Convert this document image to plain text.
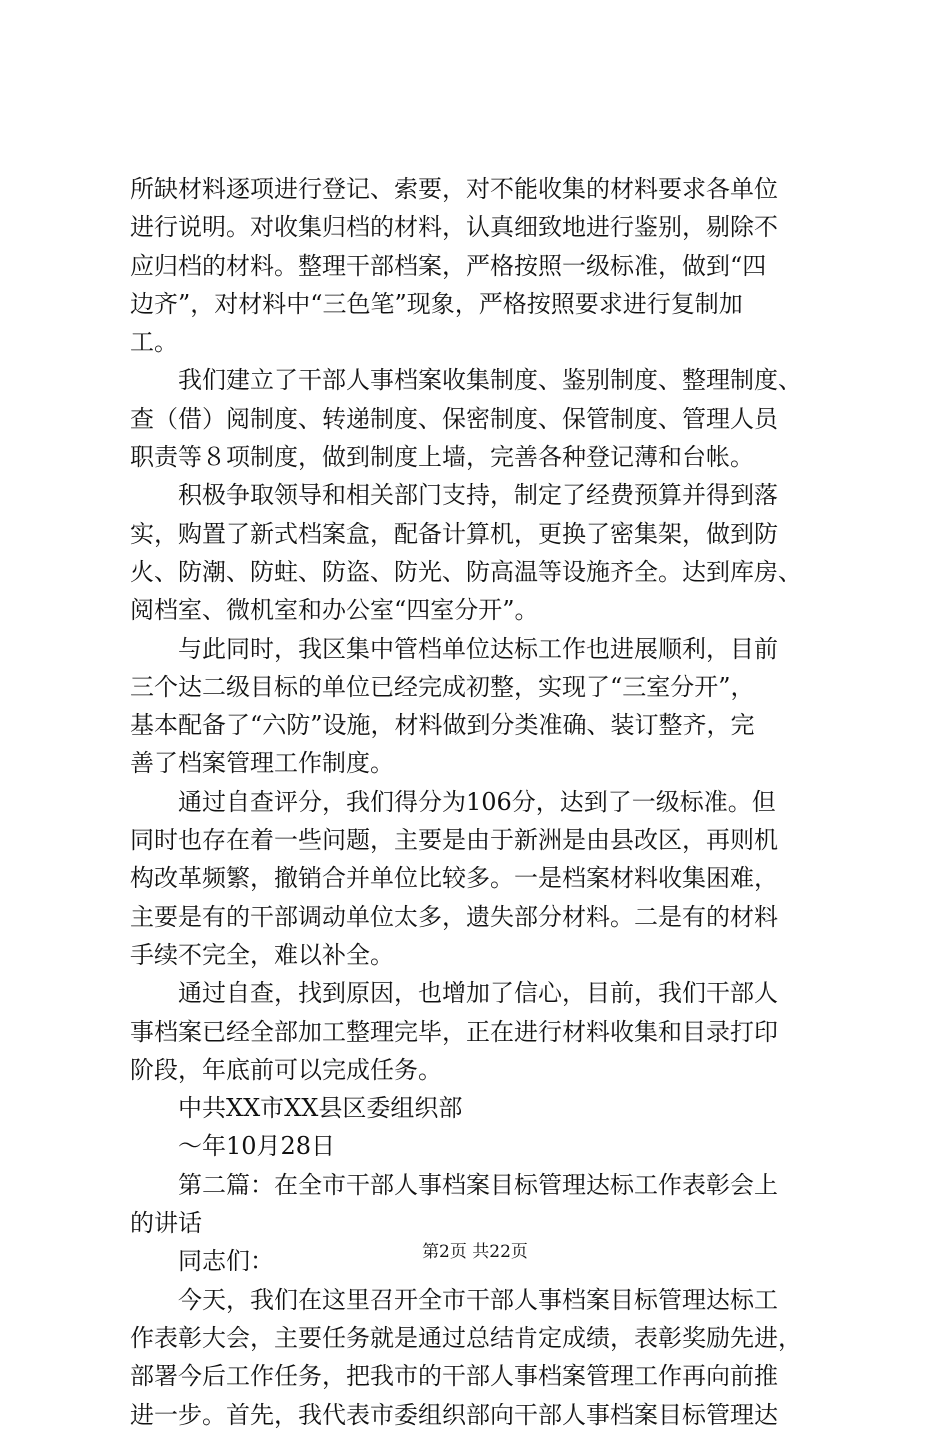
所缺材料逐项进行登记、索要，对不能收集的材料要求各单位
进行说明。对收集归档的材料，认真细致地进行鉴别，剔除不
应归档的材料。整理干部档案，严格按照一级标准，做到“四
边齐”，对材料中“三色笔”现象，严格按照要求进行复制加
工。
我们建立了干部人事档案收集制度、鉴别制度、整理制度、
查（借）阅制度、转递制度、保密制度、保管制度、管理人员
职责等８项制度，做到制度上墙，完善各种登记薄和台帐。
积极争取领导和相关部门支持，制定了经费预算并得到落
实，购置了新式档案盒，配备计算机，更换了密集架，做到防
火、防潮、防蛀、防盗、防光、防高温等设施齐全。达到库房、
阅档室、微机室和办公室“四室分开”。
与此同时，我区集中管档单位达标工作也进展顺利，目前
三个达二级目标的单位已经完成初整，实现了“三室分开”，
基本配备了“六防”设施，材料做到分类准确、装订整齐，完
善了档案管理工作制度。
通过自查评分，我们得分为106分，达到了一级标准。但
同时也存在着一些问题，主要是由于新洲是由县改区，再则机
构改革频繁，撤销合并单位比较多。一是档案材料收集困难，
主要是有的干部调动单位太多，遗失部分材料。二是有的材料
手续不完全，难以补全。
通过自查，找到原因，也增加了信心，目前，我们干部人
事档案已经全部加工整理完毕，正在进行材料收集和目录打印
阶段，年底前可以完成任务。
中共XX市XX县区委组织部
～年10月28日
第二篇：在全市干部人事档案目标管理达标工作表彰会上
的讲话
同志们：
今天，我们在这里召开全市干部人事档案目标管理达标工
作表彰大会，主要任务就是通过总结肯定成绩，表彰奖励先进，
部署今后工作任务，把我市的干部人事档案管理工作再向前推
进一步。首先，我代表市委组织部向干部人事档案目标管理达
第2页 共22页
